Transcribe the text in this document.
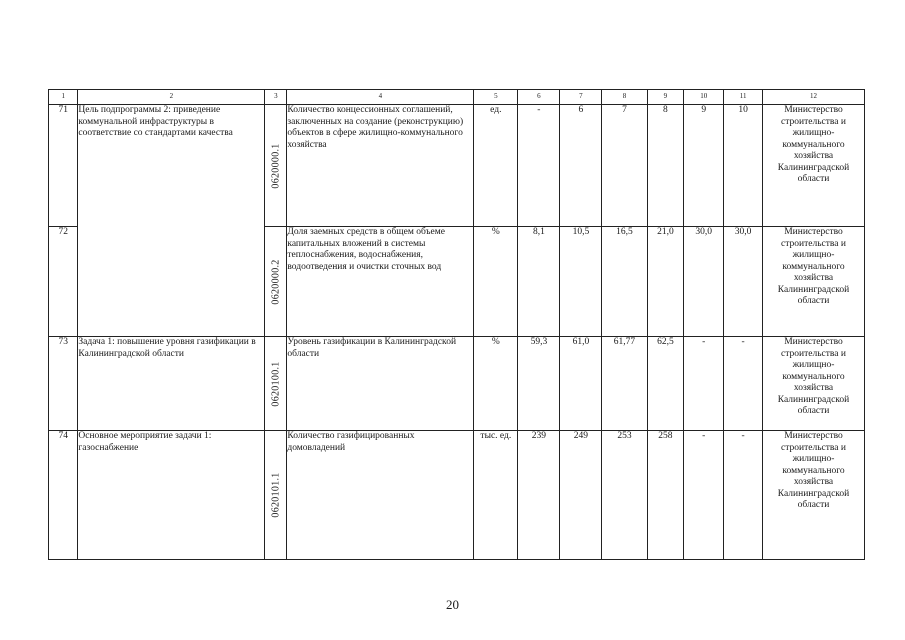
1	2	3	4	5	6	7	8	9	10	11	12
71	Цель подпрограммы 2: приведение коммунальной инфраструктуры в соответствие со стандартами качества	0620000.1	Количество концессионных соглашений, заключенных на создание (реконструкцию) объектов в сфере жилищно-коммунального хозяйства	ед.	-	6	7	8	9	10	Министерство строительства и жилищно-коммунального хозяйства Калининградской области
72		0620000.2	Доля заемных средств в общем объеме капитальных вложений в системы теплоснабжения, водоснабжения, водоотведения и очистки сточных вод	%	8,1	10,5	16,5	21,0	30,0	30,0	Министерство строительства и жилищно-коммунального хозяйства Калининградской области
73	Задача 1: повышение уровня газификации в Калининградской области	0620100.1	Уровень газификации в Калининградской области	%	59,3	61,0	61,77	62,5	-	-	Министерство строительства и жилищно-коммунального хозяйства Калининградской области
74	Основное мероприятие задачи 1: газоснабжение	0620101.1	Количество газифицированных домовладений	тыс. ед.	239	249	253	258	-	-	Министерство строительства и жилищно-коммунального хозяйства Калининградской области
20
